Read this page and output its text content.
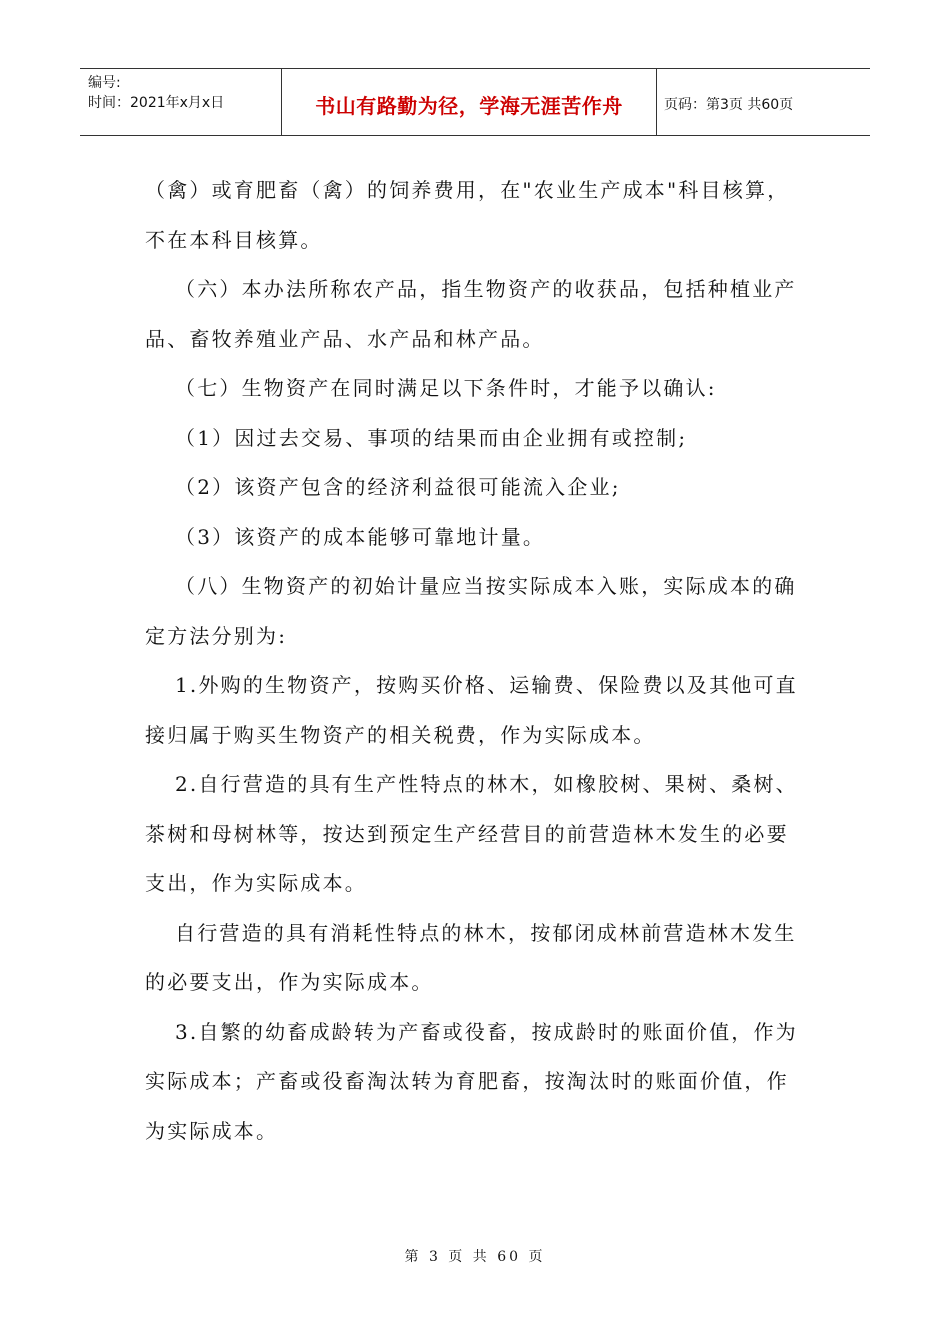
编号:
时间：2021年x月x日	书山有路勤为径，学海无涯苦作舟	页码：第3页 共60页

（禽）或育肥畜（禽）的饲养费用，在"农业生产成本"科目核算，

不在本科目核算。

（六）本办法所称农产品，指生物资产的收获品，包括种植业产

品、畜牧养殖业产品、水产品和林产品。

（七）生物资产在同时满足以下条件时，才能予以确认:

（1）因过去交易、事项的结果而由企业拥有或控制;

（2）该资产包含的经济利益很可能流入企业;

（3）该资产的成本能够可靠地计量。

（八）生物资产的初始计量应当按实际成本入账，实际成本的确

定方法分别为:

1.外购的生物资产，按购买价格、运输费、保险费以及其他可直

接归属于购买生物资产的相关税费，作为实际成本。

2.自行营造的具有生产性特点的林木，如橡胶树、果树、桑树、

茶树和母树林等，按达到预定生产经营目的前营造林木发生的必要

支出，作为实际成本。

自行营造的具有消耗性特点的林木，按郁闭成林前营造林木发生

的必要支出，作为实际成本。

3.自繁的幼畜成龄转为产畜或役畜，按成龄时的账面价值，作为

实际成本；产畜或役畜淘汰转为育肥畜，按淘汰时的账面价值，作

为实际成本。

第 3 页 共 60 页
